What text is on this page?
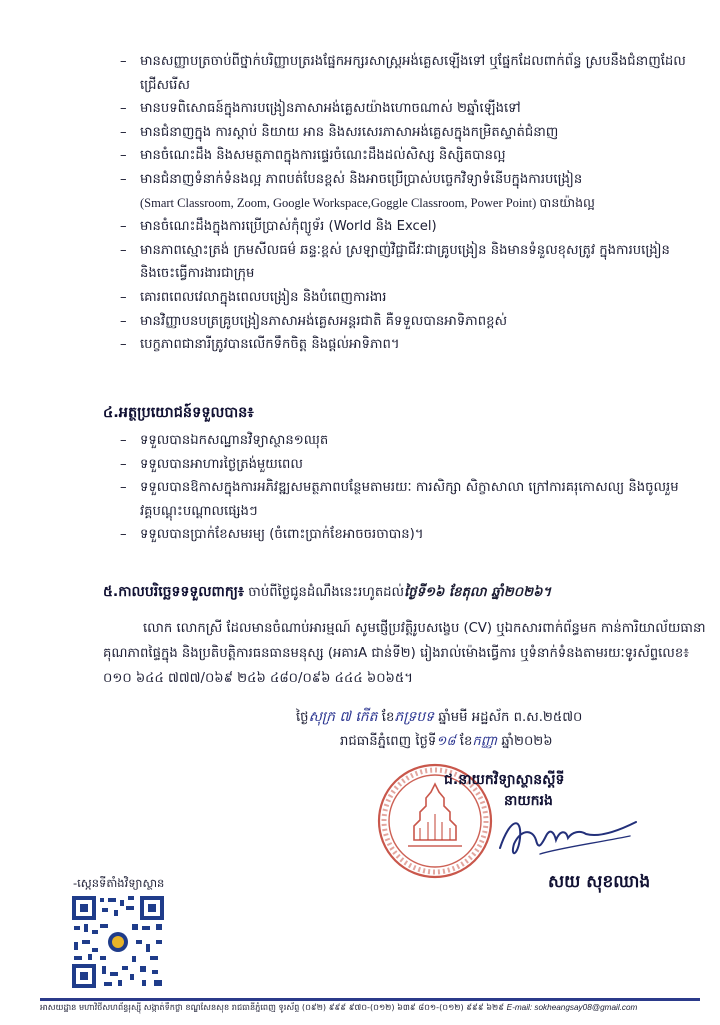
– មានសញ្ញាបត្រចាប់ពីថ្នាក់បរិញ្ញាបត្ររងផ្នែកអក្សរសាស្ត្រអង់គ្លេសឡើងទៅ ឬផ្នែកដែលពាក់ព័ន្ធ ស្របនឹងជំនាញដែលជ្រើសរើស
– មានបទពិសោធន៍ក្នុងការបង្រៀនភាសាអង់គ្លេសយ៉ាងហោចណាស់ ២ឆ្នាំឡើងទៅ
– មានជំនាញក្នុង ការស្តាប់ និយាយ អាន និងសរសេរភាសាអង់គ្លេសក្នុងកម្រិតស្ទាត់ជំនាញ
– មានចំណេះដឹង និងសមត្ថភាពក្នុងការផ្ទេរចំណេះដឹងដល់សិស្ស និស្សិតបានល្អ
– មានជំនាញទំនាក់ទំនងល្អ ភាពបត់បែនខ្ពស់ និងអាចប្រើប្រាស់បច្ចេកវិទ្យាទំនើបក្នុងការបង្រៀន
(Smart Classroom, Zoom, Google Workspace,Goggle Classroom, Power Point) បានយ៉ាងល្អ
– មានចំណេះដឹងក្នុងការប្រើប្រាស់កុំព្យូទ័រ (World និង Excel)
– មានភាពស្មោះត្រង់ ក្រមសីលធម៌ ឆន្ទៈខ្ពស់ ស្រឡាញ់វិជ្ជាជីវៈជាគ្រូបង្រៀន និងមានទំនួលខុសត្រូវ ក្នុងការបង្រៀន និងចេះធ្វើការងារជាក្រុម
– គោរពពេលវេលាក្នុងពេលបង្រៀន និងបំពេញការងារ
– មានវិញ្ញាបនបត្រគ្រូបង្រៀនភាសាអង់គ្លេសអន្តរជាតិ គឺទទួលបានអាទិភាពខ្ពស់
– បេក្ខភាពជានារីត្រូវបានលើកទឹកចិត្ត និងផ្តល់អាទិភាព។
៤.អត្ថប្រយោជន៍ទទួលបាន៖
– ទទួលបានឯកសណ្ឋានវិទ្យាស្ថាន១ឈុត
– ទទួលបានអាហារថ្ងៃត្រង់មួយពេល
– ទទួលបានឱកាសក្នុងការអភិវឌ្ឍសមត្ថភាពបន្ថែមតាមរយៈ ការសិក្សា សិក្ខាសាលា ក្រៅការគរុកោសល្យ និងចូលរួមវគ្គបណ្តុះបណ្តាលផ្សេងៗ
– ទទួលបានប្រាក់ខែសមរម្យ (ចំពោះប្រាក់ខែអាចចរចាបាន)។
៥.កាលបរិច្ឆេទទទួលពាក្យ៖ ចាប់ពីថ្ងៃជូនដំណឹងនេះរហូតដល់ថ្ងៃទី១៦ ខែតុលា ឆ្នាំ២០២៦។
លោក លោកស្រី ដែលមានចំណាប់អារម្មណ៍ សូមផ្ញើប្រវត្តិរូបសង្ខេប (CV) ឬឯកសារពាក់ព័ន្ធមក កាន់ការិយាល័យធានាគុណភាពផ្ទៃក្នុង និងប្រតិបត្តិការធនធានមនុស្ស (អគារA ជាន់ទី២) រៀងរាល់ម៉ោងធ្វើការ ឬទំនាក់ទំនងតាមរយៈទូរស័ព្ទលេខ៖ ០១០ ៦៤៤ ៧៧៧/០៦៩ ២៤៦ ៤៨០/០៩៦ ៤៤៤ ៦០៦៥។
ថ្ងៃសុក្រ ៧ កើត ខែភទ្របទ ឆ្នាំមមី អដ្ឋស័ក ព.ស.២៥៧០
រាជធានីភ្នំពេញ ថ្ងៃទី១៨ ខែកញ្ញា ឆ្នាំ២០២៦
ជ.នាយកវិទ្យាស្ថានស្តីទី
នាយករង
សយ សុខឈាង
-ស្កេនទីតាំងវិទ្យាស្ថាន
អាសយដ្ឋាន មហាវិថីសហព័ន្ធរុស្ស៊ី សង្កាត់ទឹកថ្លា ខណ្ឌសែនសុខ រាជធានីភ្នំពេញ ទូរស័ព្ទ (០៩២) ៩៩៩ ៩៧០-(០១២) ៦៣៩ ៨០១-(០១២) ៩៩៩ ៦២៩ E-mail: sokheangsay08@gmail.com
